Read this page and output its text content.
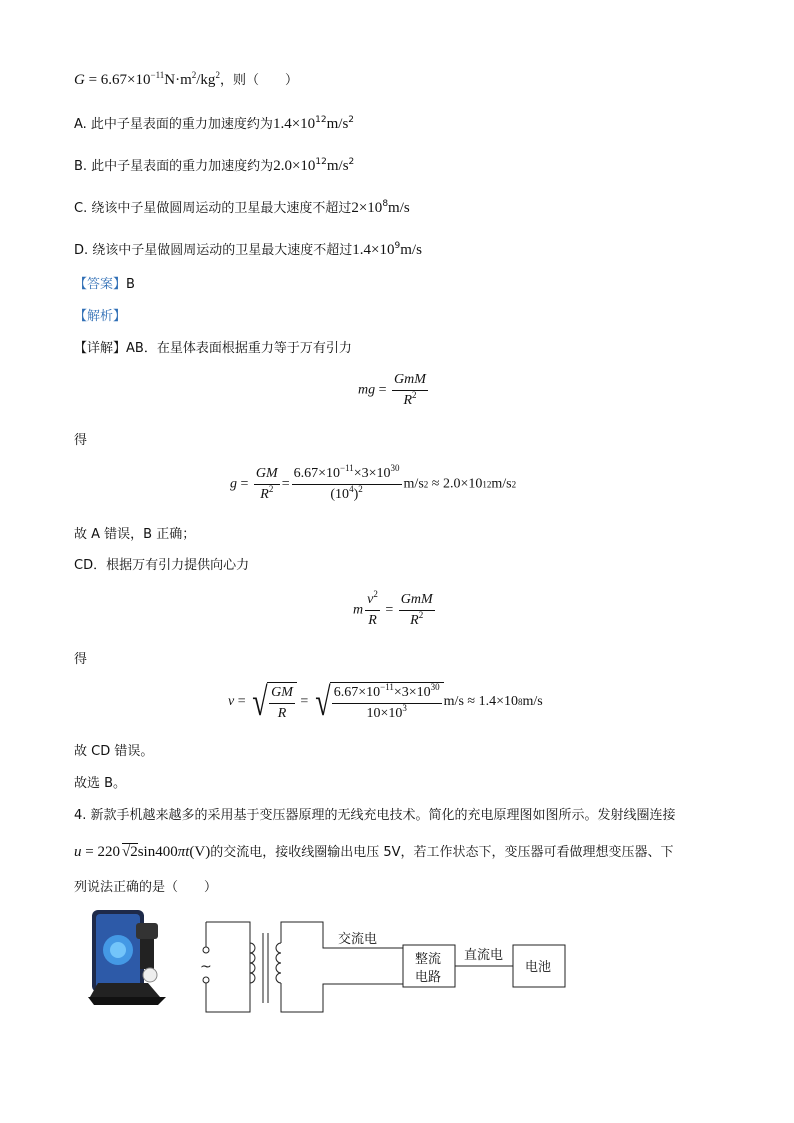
$G = 6.67\times 10^{-11}N\cdot m^2/kg^2$，则（　　）
A. 此中子星表面的重力加速度约为$1.4\times 10^{12}m/s^2$
B. 此中子星表面的重力加速度约为$2.0\times 10^{12}m/s^2$
C. 绕该中子星做圆周运动的卫星最大速度不超过$2\times 10^8m/s$
D. 绕该中子星做圆周运动的卫星最大速度不超过$1.4\times 10^9m/s$
【答案】B
【解析】
【详解】AB．在星体表面根据重力等于万有引力
mg = $\frac{\text{GmM}}{R^2}$
得
$g = \frac{GM}{R^2} = \frac{6.67\times 10^{-11}\times 3\times 10^{30}}{(10^4)^2} m/s2 \approx 2.0\times 1012m/s2$
故 A 错误，B 正确；
CD．根据万有引力提供向心力
m $\frac{v^2}{R} = \frac{\text{GmM}}{R^2}$
得
v = √ $\frac{GM}{R}$ = √ $\frac{6.67\times 10^{-11}\times 3\times 10^{30}}{10\times 10^3} m/s \approx 1.4\times 108m/s$
故 CD 错误。
故选 B。
4. 新款手机越来越多的采用基于变压器原理的无线充电技术。简化的充电原理图如图所示。发射线圈连接
u = 220 √2sin400πt(V)的交流电，接收线圈输出电压 5V，若工作状态下，变压器可看做理想变压器、下
列说法正确的是（　　）
~
交流电
整流
电路
直流电
电池
